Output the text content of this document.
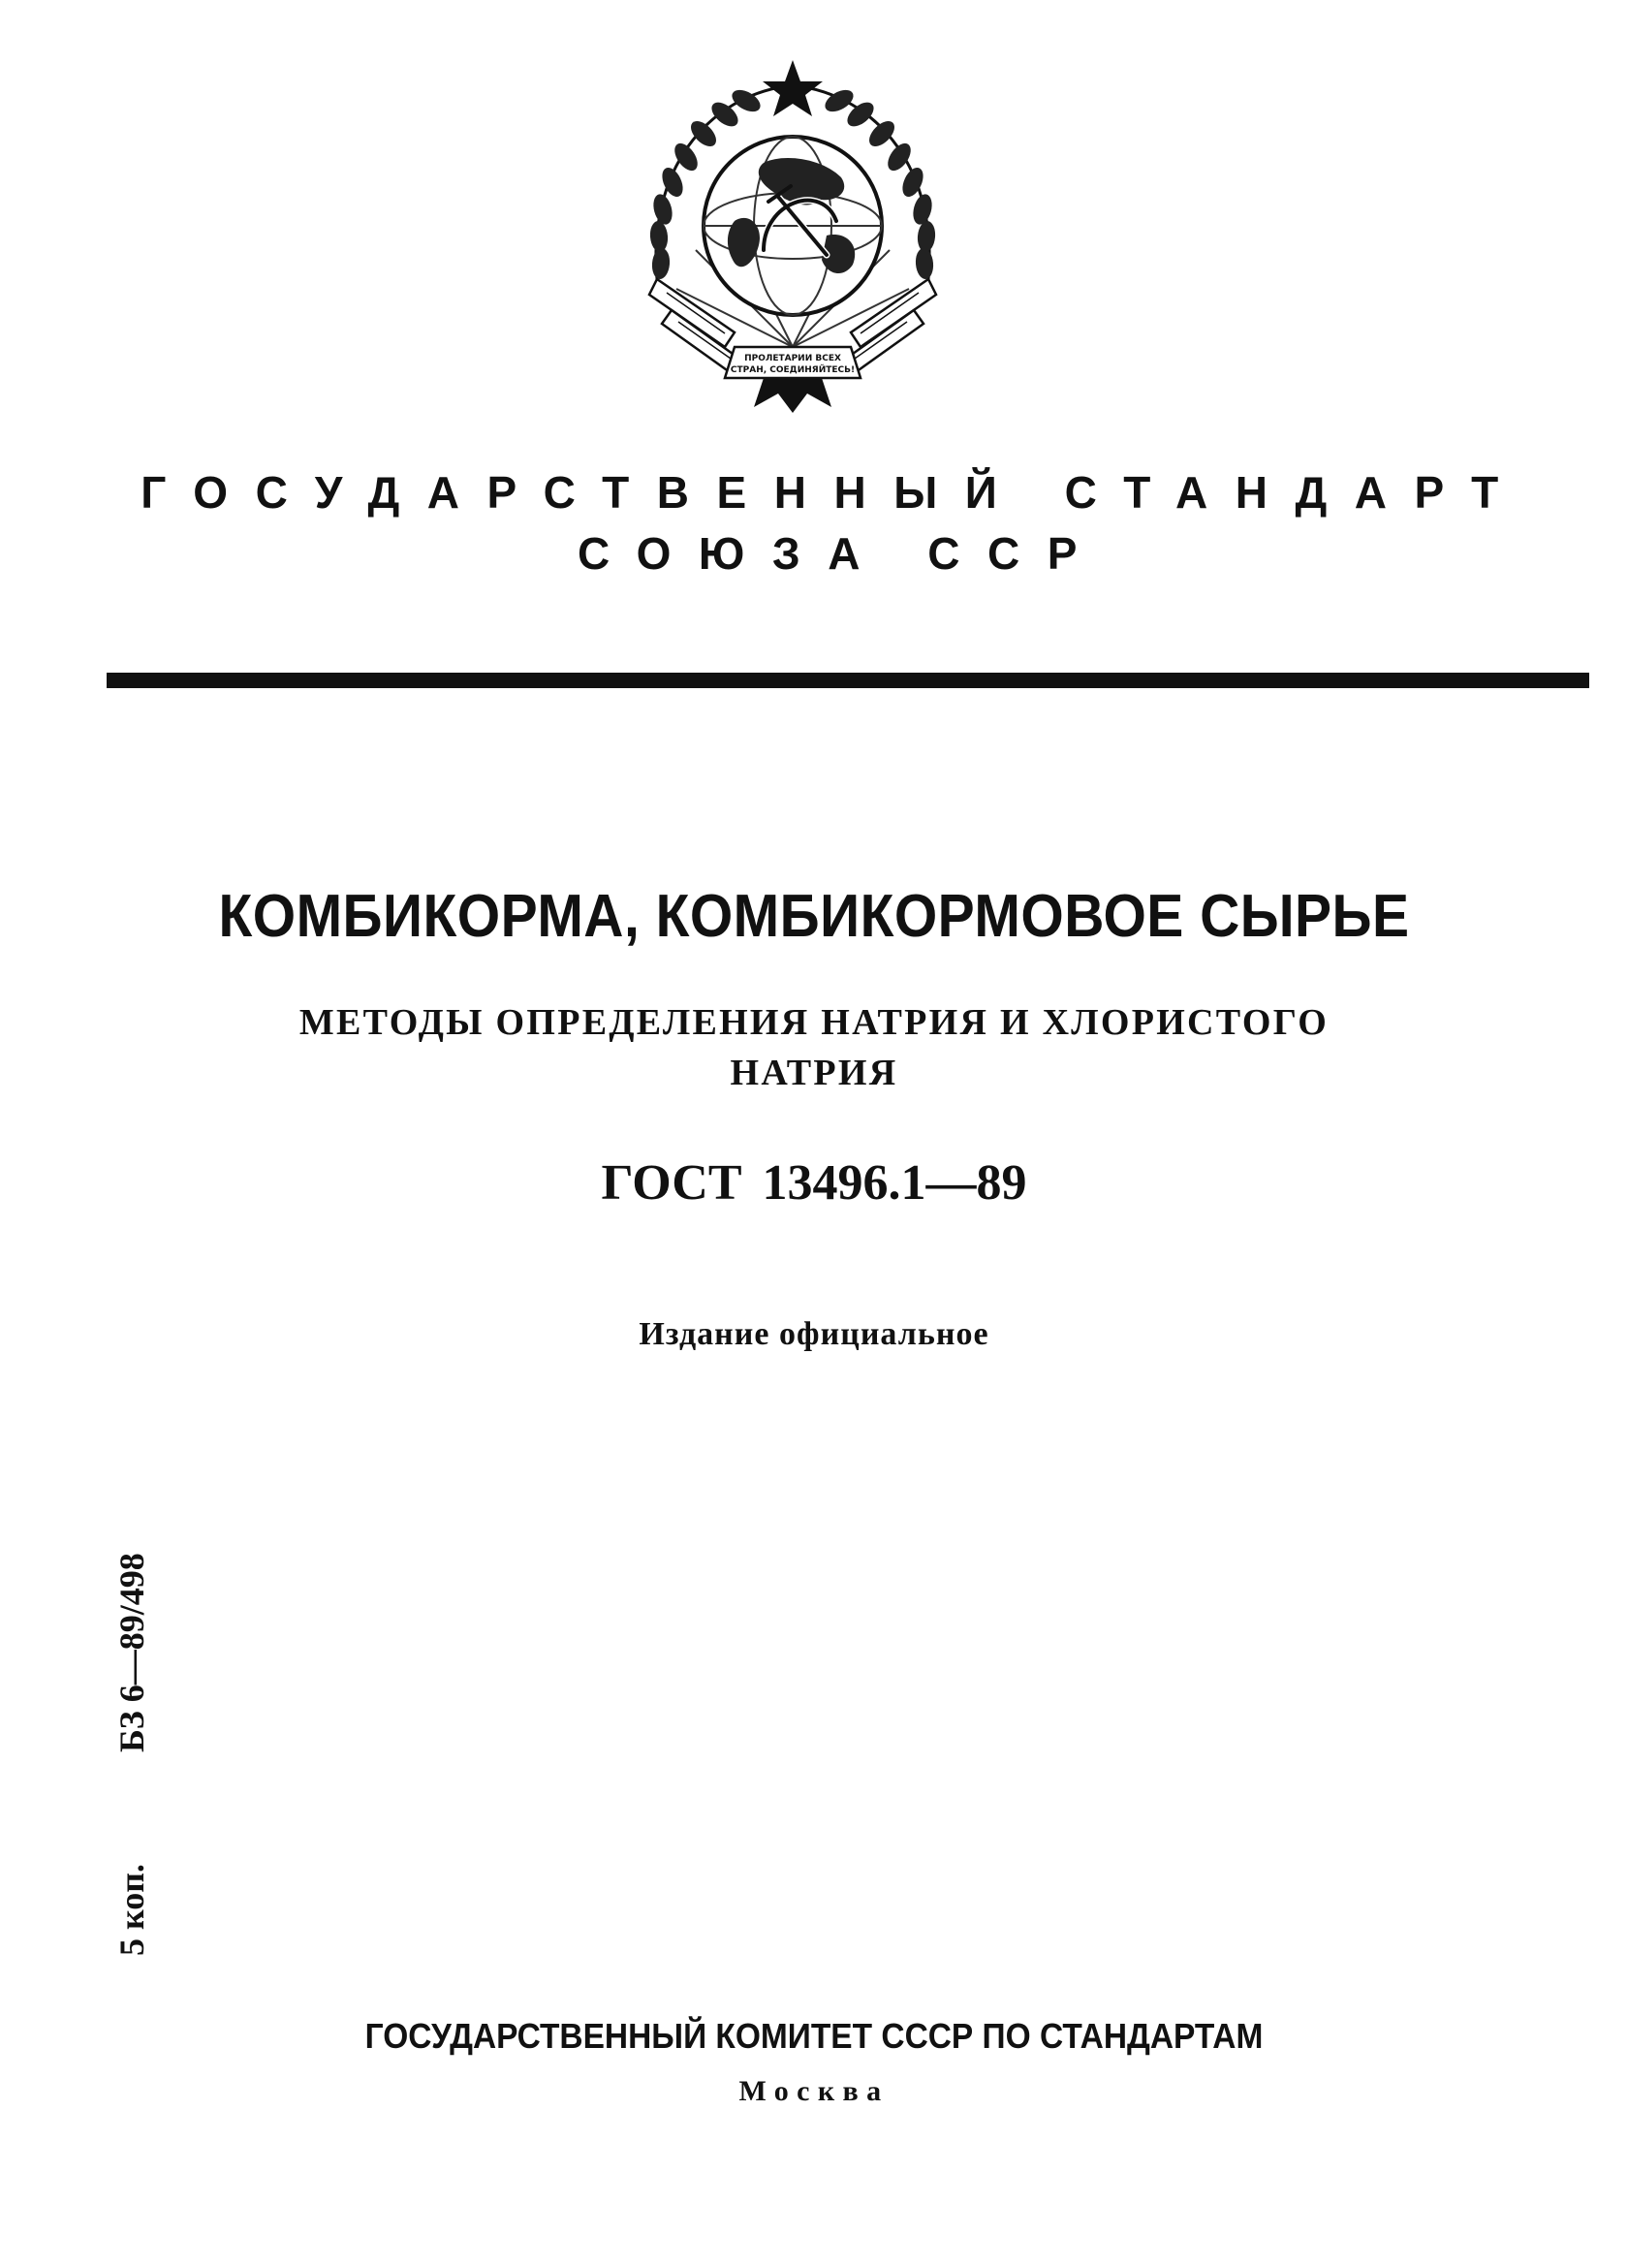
ПРОЛЕТАРИИ ВСЕХ
СТРАН, СОЕДИНЯЙТЕСЬ!
ГОСУДАРСТВЕННЫЙ СТАНДАРТ
СОЮЗА ССР
КОМБИКОРМА, КОМБИКОРМОВОЕ СЫРЬЕ
МЕТОДЫ ОПРЕДЕЛЕНИЯ НАТРИЯ И ХЛОРИСТОГО
НАТРИЯ
ГОСТ 13496.1—89
Издание официальное
БЗ 6—89/498
5 коп.
ГОСУДАРСТВЕННЫЙ КОМИТЕТ СССР ПО СТАНДАРТАМ
Москва
